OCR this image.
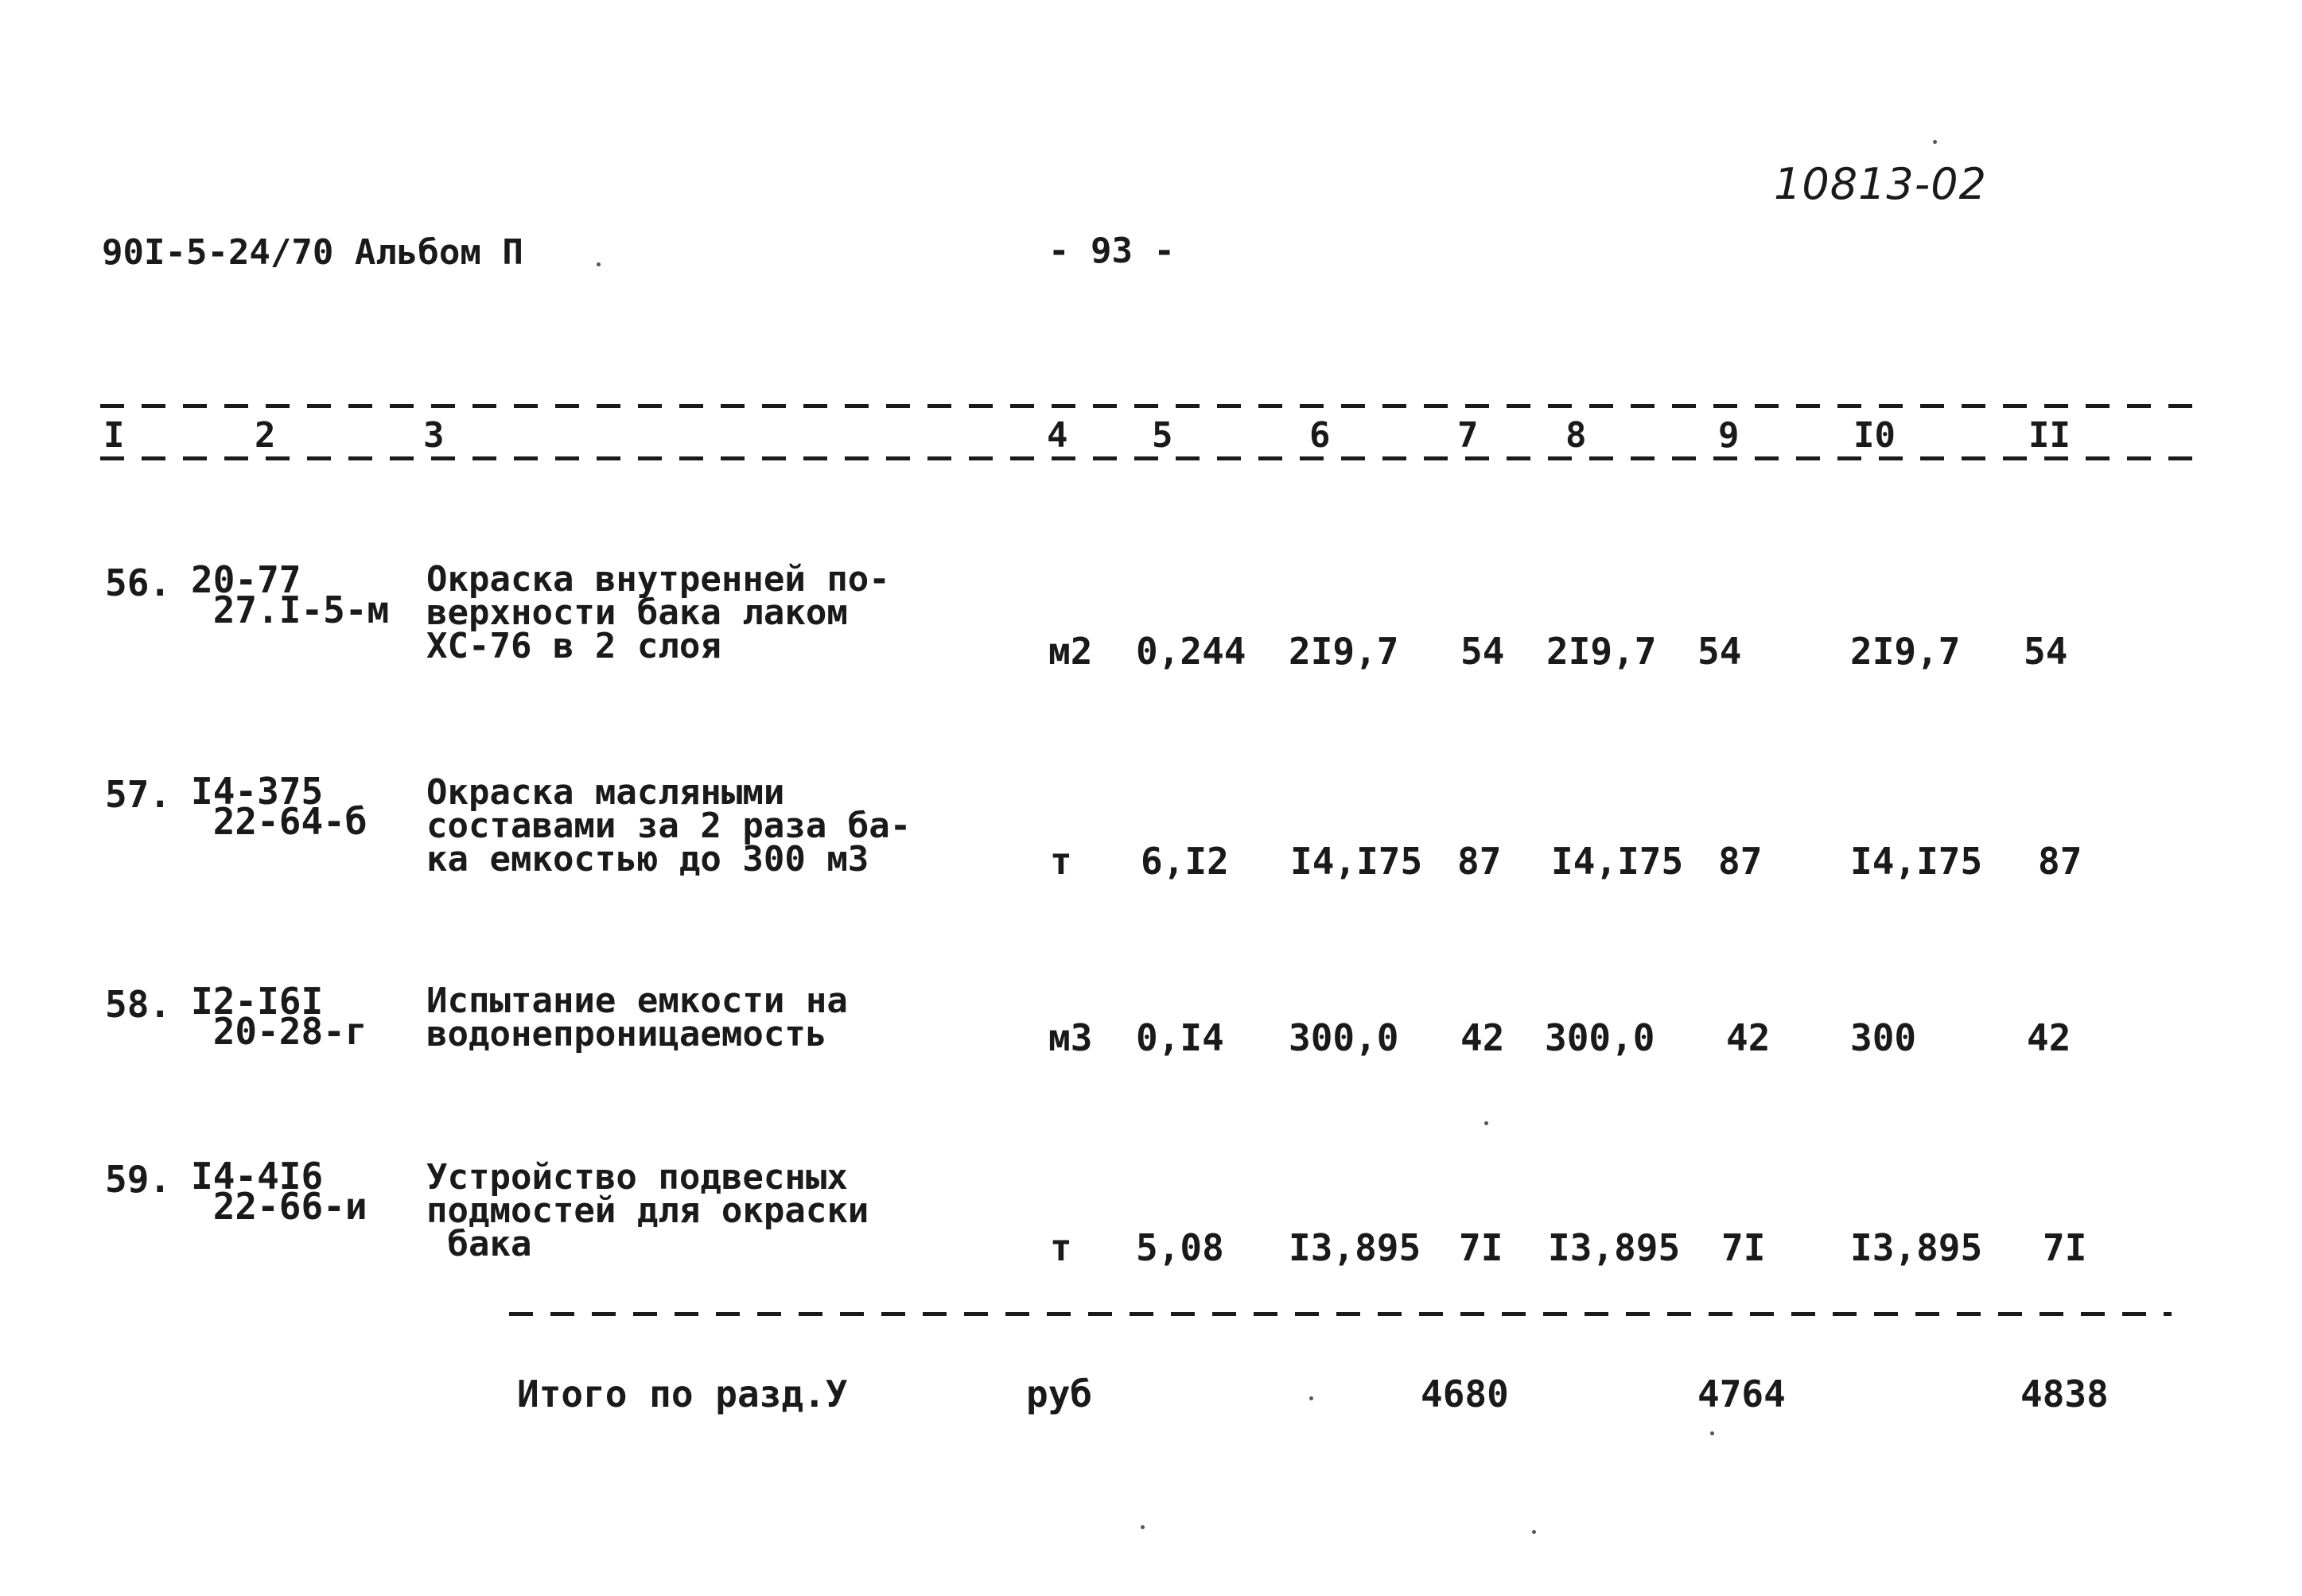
90I-5-24/70 Альбом П	- 93 -
10813-02
I	2	3	4 5	6	7 8	9	I0	II
56. 20-77
27.I-5-м
Окраска внутренней по-
верхности бака лаком
ХС-76 в 2 слоя	м2 0,244 2I9,7 54 2I9,7 54	2I9,7 54
57. I4-375
22-64-б
Окраска масляными
составами за 2 раза ба-
ка емкостью до 300 м3	т 6,I2 I4,I75 87 I4,I75 87 I4,I75 87
58. I2-I6I
20-28-г
Испытание емкости на
водонепроницаемость	м3 0,I4 300,0 42 300,0 42 300	42
59. I4-4I6
22-66-и
Устройство подвесных
подмостей для окраски
бака	т 5,08 I3,895 7I I3,895 7I I3,895 7I
Итого по разд.У	руб	4680	4764	4838
